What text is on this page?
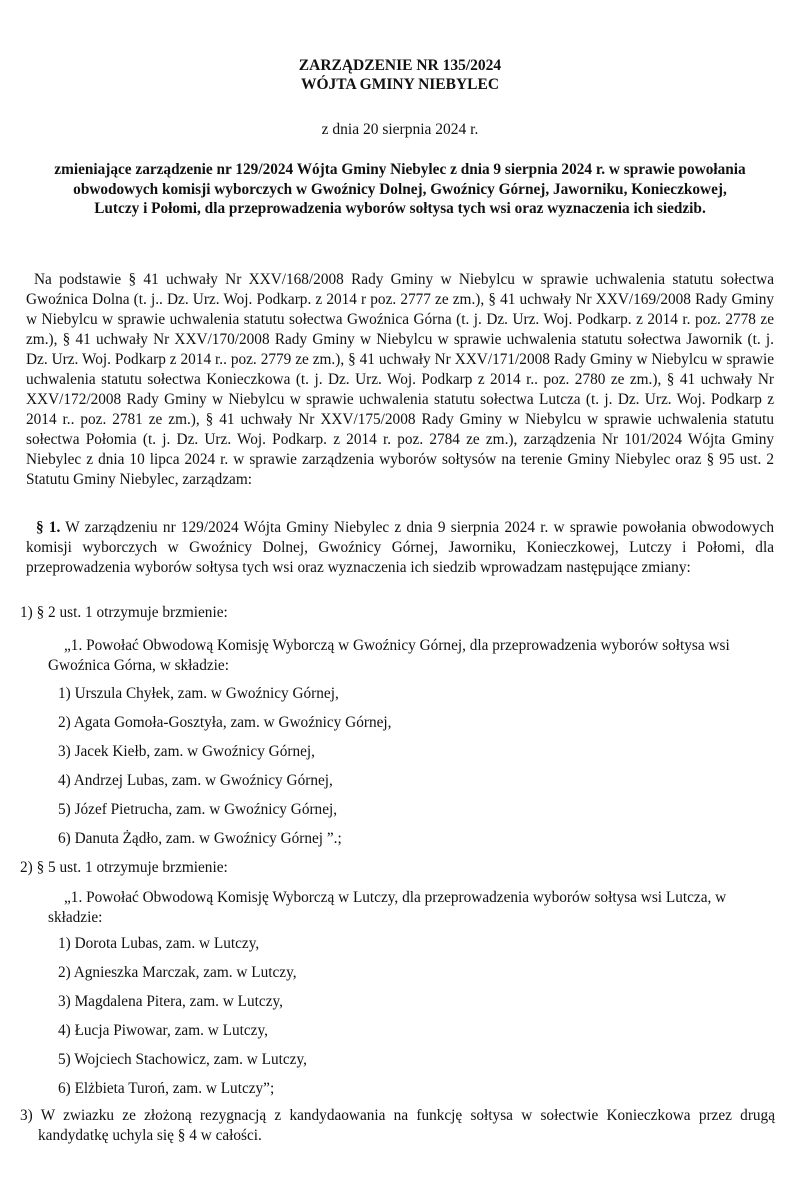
ZARZĄDZENIE NR 135/2024
WÓJTA GMINY NIEBYLEC
z dnia 20 sierpnia 2024 r.
zmieniające zarządzenie nr 129/2024 Wójta Gminy Niebylec z dnia 9 sierpnia 2024 r. w sprawie powołania obwodowych komisji wyborczych w Gwoźnicy Dolnej, Gwoźnicy Górnej, Jaworniku, Konieczkowej, Lutczy i Połomi, dla przeprowadzenia wyborów sołtysa tych wsi oraz wyznaczenia ich siedzib.
Na podstawie § 41 uchwały Nr XXV/168/2008 Rady Gminy w Niebylcu w sprawie uchwalenia statutu sołectwa Gwoźnica Dolna (t. j.. Dz. Urz. Woj. Podkarp. z 2014 r poz. 2777 ze zm.), § 41 uchwały Nr XXV/169/2008 Rady Gminy w Niebylcu w sprawie uchwalenia statutu sołectwa Gwoźnica Górna (t. j. Dz. Urz. Woj. Podkarp. z 2014 r. poz. 2778 ze zm.), § 41 uchwały Nr XXV/170/2008 Rady Gminy w Niebylcu w sprawie uchwalenia statutu sołectwa Jawornik (t. j. Dz. Urz. Woj. Podkarp z 2014 r.. poz. 2779 ze zm.), § 41 uchwały Nr XXV/171/2008 Rady Gminy w Niebylcu w sprawie uchwalenia statutu sołectwa Konieczkowa (t. j. Dz. Urz. Woj. Podkarp z 2014 r.. poz. 2780 ze zm.), § 41 uchwały Nr XXV/172/2008 Rady Gminy w Niebylcu w sprawie uchwalenia statutu sołectwa Lutcza (t. j. Dz. Urz. Woj. Podkarp z 2014 r.. poz. 2781 ze zm.), § 41 uchwały Nr XXV/175/2008 Rady Gminy w Niebylcu w sprawie uchwalenia statutu sołectwa Połomia (t. j. Dz. Urz. Woj. Podkarp. z 2014 r. poz. 2784 ze zm.), zarządzenia Nr 101/2024 Wójta Gminy Niebylec z dnia 10 lipca 2024 r. w sprawie zarządzenia wyborów sołtysów na terenie Gminy Niebylec oraz § 95 ust. 2 Statutu Gminy Niebylec, zarządzam:
§ 1. W zarządzeniu nr 129/2024 Wójta Gminy Niebylec z dnia 9 sierpnia 2024 r. w sprawie powołania obwodowych komisji wyborczych w Gwoźnicy Dolnej, Gwoźnicy Górnej, Jaworniku, Konieczkowej, Lutczy i Połomi, dla przeprowadzenia wyborów sołtysa tych wsi oraz wyznaczenia ich siedzib wprowadzam następujące zmiany:
1) § 2 ust. 1 otrzymuje brzmienie:
„1. Powołać Obwodową Komisję Wyborczą w Gwoźnicy Górnej, dla przeprowadzenia wyborów sołtysa wsi Gwoźnica Górna, w składzie:
1) Urszula Chyłek, zam. w Gwoźnicy Górnej,
2) Agata Gomoła-Gosztyła, zam. w Gwoźnicy Górnej,
3) Jacek Kiełb, zam. w Gwoźnicy Górnej,
4) Andrzej Lubas, zam. w Gwoźnicy Górnej,
5) Józef Pietrucha, zam. w Gwoźnicy Górnej,
6) Danuta Żądło, zam. w Gwoźnicy Górnej ”.;
2) § 5 ust. 1 otrzymuje brzmienie:
„1. Powołać Obwodową Komisję Wyborczą w Lutczy, dla przeprowadzenia wyborów sołtysa wsi Lutcza, w składzie:
1) Dorota Lubas, zam. w Lutczy,
2) Agnieszka Marczak, zam. w Lutczy,
3) Magdalena Pitera, zam. w Lutczy,
4) Łucja Piwowar, zam. w Lutczy,
5) Wojciech Stachowicz, zam. w Lutczy,
6) Elżbieta Turoń, zam. w Lutczy”;
3) W zwiazku ze złożoną rezygnacją z kandydaowania na funkcję sołtysa w sołectwie Konieczkowa przez drugą kandydatkę uchyla się § 4 w całości.
